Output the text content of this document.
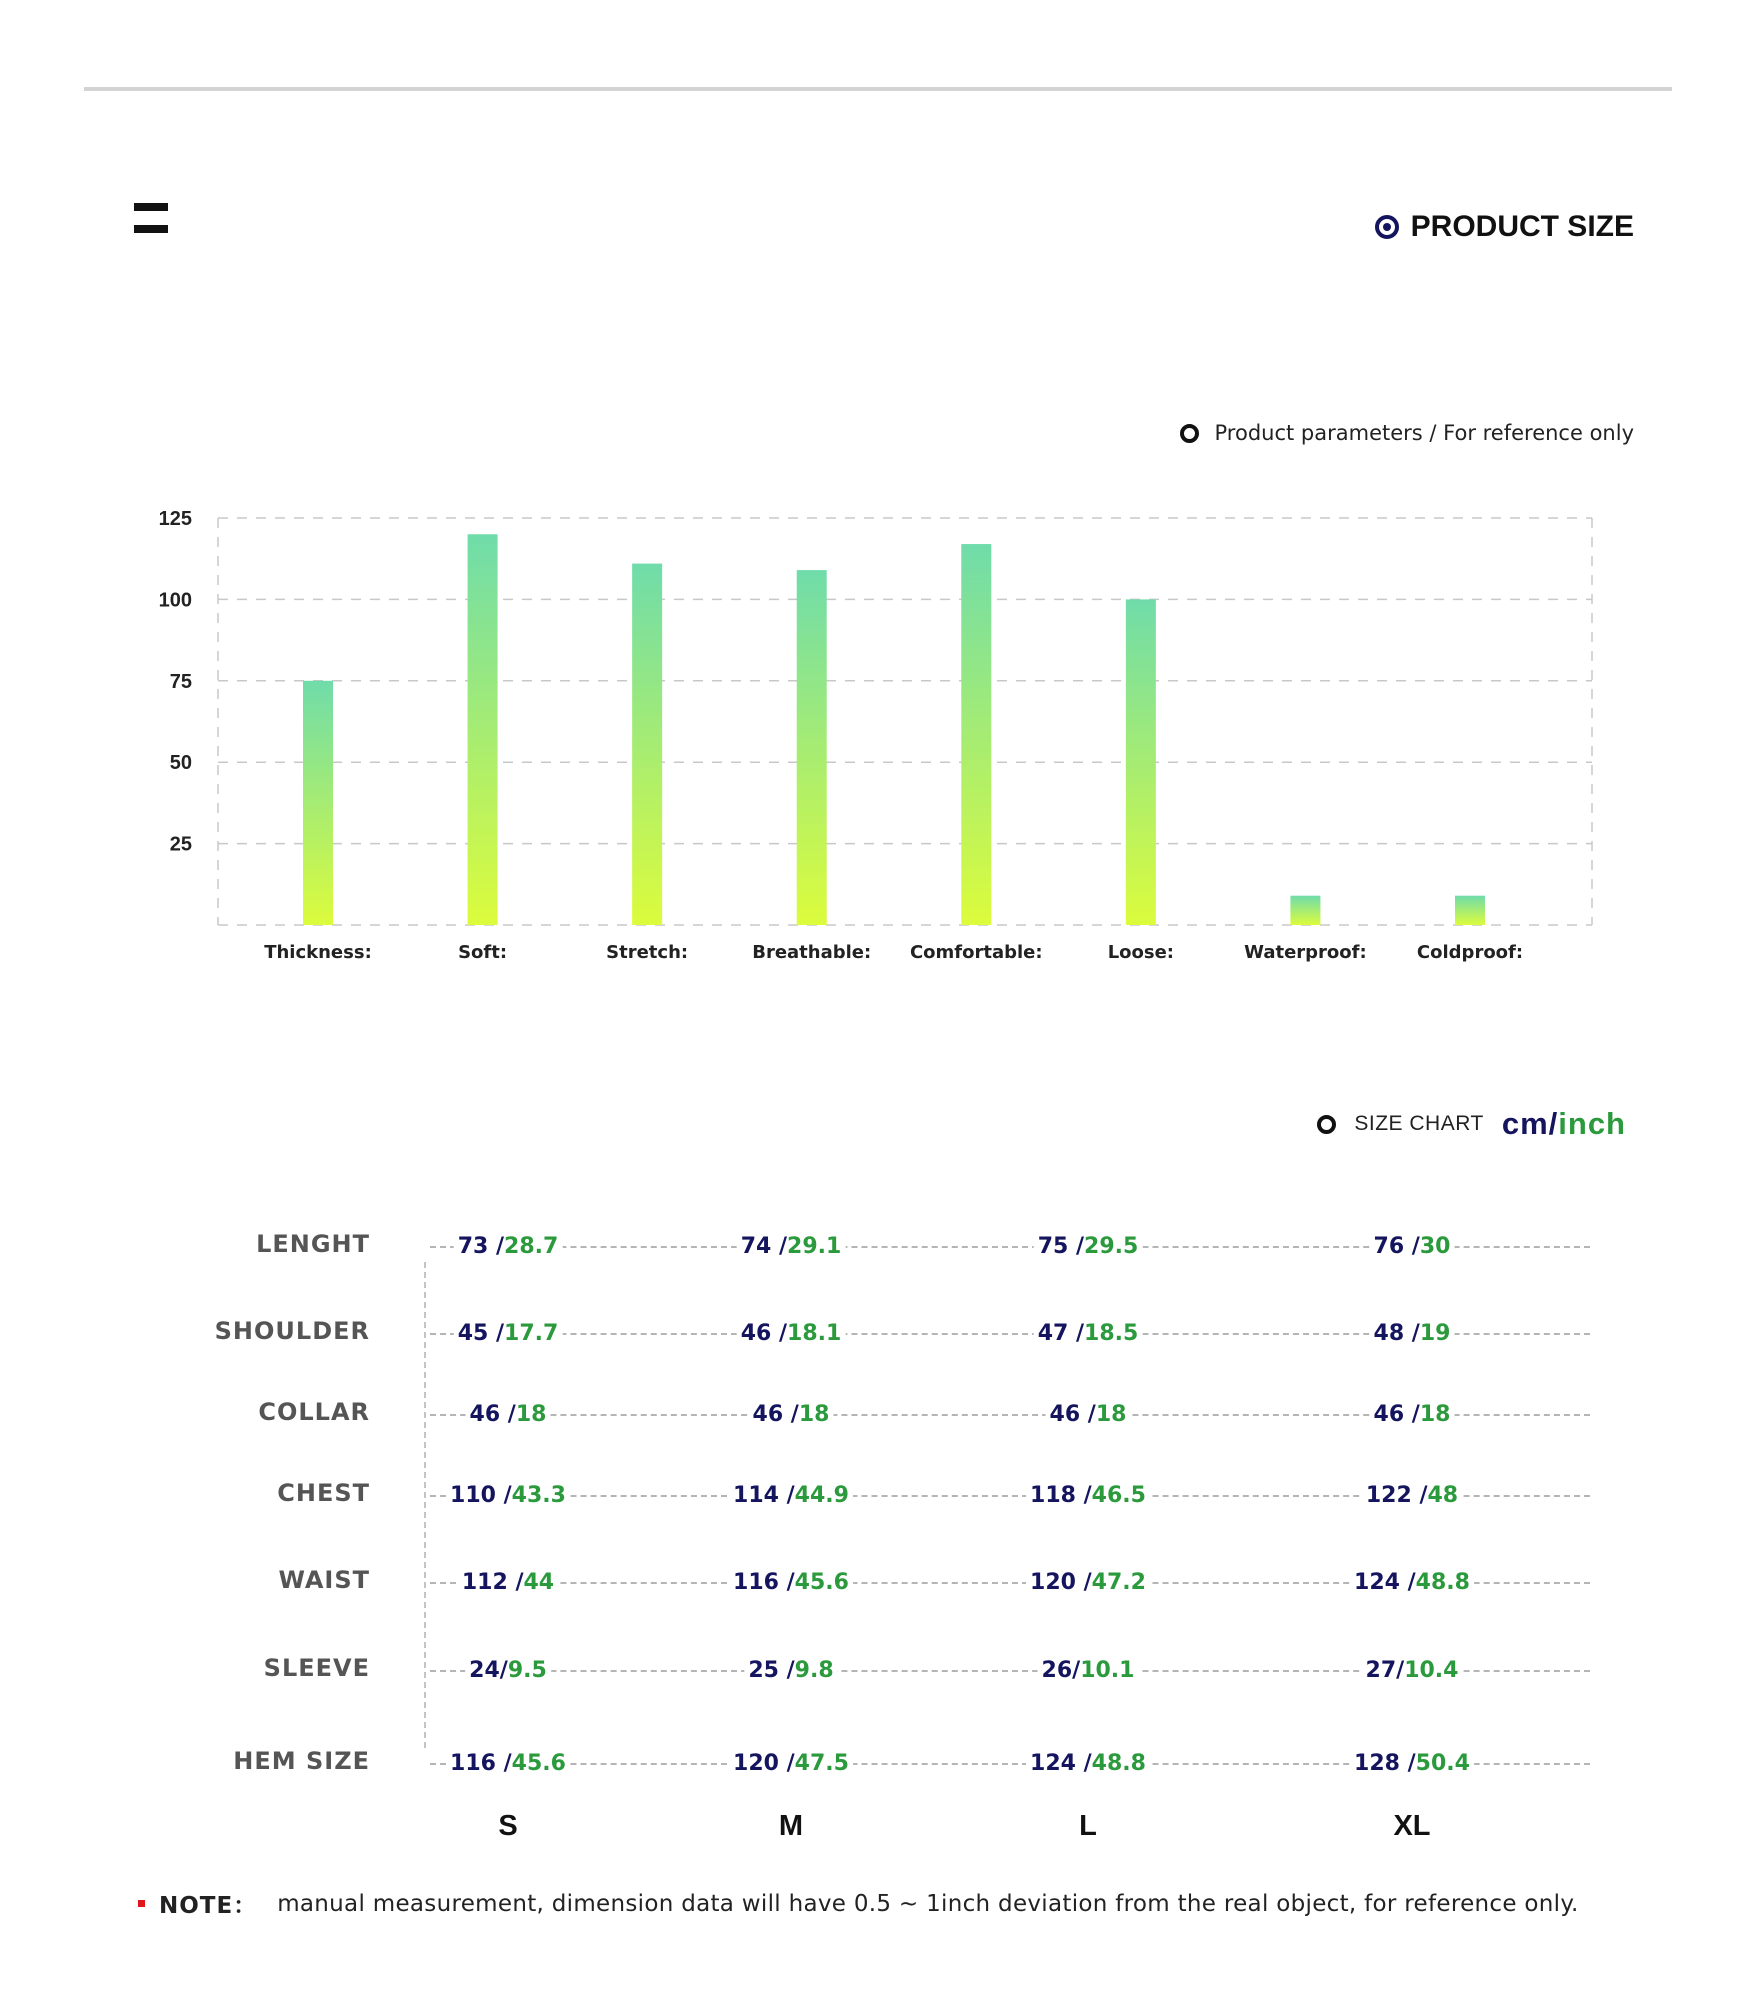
PRODUCT SIZE
Product parameters / For reference only
25
50
75
100
125
Thickness:	Soft:	Stretch:	Breathable: Comfortable:	Loose:	Waterproof:	Coldproof:
SIZE CHART cm/inch
LENGHT	73 /28.7	74 /29.1	75 /29.5	76 /30
SHOULDER	45 /17.7	46 /18.1	47 /18.5	48 /19
COLLAR	46 /18	46 /18	46 /18	46 /18
CHEST	110 /43.3	114 /44.9	118 /46.5	122 /48
WAIST	112 /44	116 /45.6	120 /47.2	124 /48.8
SLEEVE	24/9.5	25 /9.8	26/10.1	27/10.4
HEM SIZE	116 /45.6	120 /47.5	124 /48.8	128 /50.4
S	M	L	XL
NOTE： manual measurement, dimension data will have 0.5 ~ 1inch deviation from the real object, for reference only.
